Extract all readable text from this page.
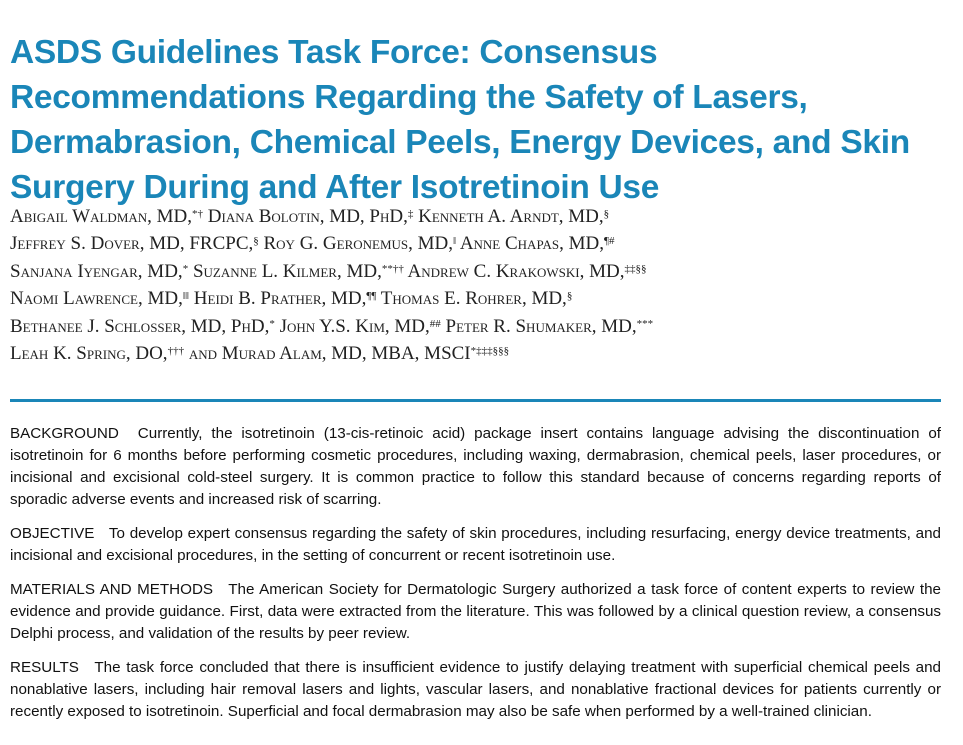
ASDS Guidelines Task Force: Consensus
Recommendations Regarding the Safety of Lasers,
Dermabrasion, Chemical Peels, Energy Devices, and Skin
Surgery During and After Isotretinoin Use
Abigail Waldman, MD,*† Diana Bolotin, MD, PhD,‡ Kenneth A. Arndt, MD,§
Jeffrey S. Dover, MD, FRCPC,§ Roy G. Geronemus, MD,‖ Anne Chapas, MD,¶#
Sanjana Iyengar, MD,* Suzanne L. Kilmer, MD,**†† Andrew C. Krakowski, MD,‡‡§§
Naomi Lawrence, MD,‖‖ Heidi B. Prather, MD,¶¶ Thomas E. Rohrer, MD,§
Bethanee J. Schlosser, MD, PhD,* John Y.S. Kim, MD,## Peter R. Shumaker, MD,***
Leah K. Spring, DO,††† and Murad Alam, MD, MBA, MSCI*‡‡‡§§§

BACKGROUND Currently, the isotretinoin (13-cis-retinoic acid) package insert contains language advising the discontinuation of isotretinoin for 6 months before performing cosmetic procedures, including waxing, dermabrasion, chemical peels, laser procedures, or incisional and excisional cold-steel surgery. It is common practice to follow this standard because of concerns regarding reports of sporadic adverse events and increased risk of scarring.

OBJECTIVE To develop expert consensus regarding the safety of skin procedures, including resurfacing, energy device treatments, and incisional and excisional procedures, in the setting of concurrent or recent isotretinoin use.

MATERIALS AND METHODS The American Society for Dermatologic Surgery authorized a task force of content experts to review the evidence and provide guidance. First, data were extracted from the literature. This was followed by a clinical question review, a consensus Delphi process, and validation of the results by peer review.

RESULTS The task force concluded that there is insufficient evidence to justify delaying treatment with superficial chemical peels and nonablative lasers, including hair removal lasers and lights, vascular lasers, and nonablative fractional devices for patients currently or recently exposed to isotretinoin. Superficial and focal dermabrasion may also be safe when performed by a well-trained clinician.
